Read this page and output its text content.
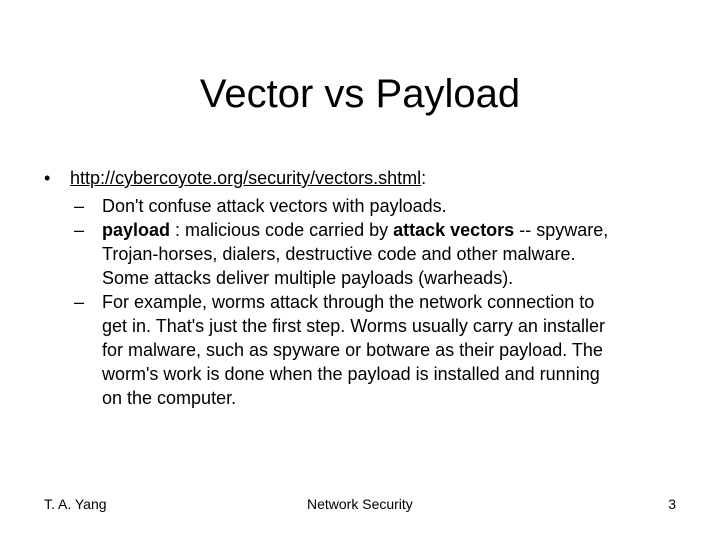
Vector vs Payload
• http://cybercoyote.org/security/vectors.shtml:
– Don't confuse attack vectors with payloads.
– payload : malicious code carried by attack vectors -- spyware,
Trojan-horses, dialers, destructive code and other malware.
Some attacks deliver multiple payloads (warheads).
– For example, worms attack through the network connection to
get in. That's just the first step. Worms usually carry an installer
for malware, such as spyware or botware as their payload. The
worm's work is done when the payload is installed and running
on the computer.
T. A. Yang	Network Security	3
